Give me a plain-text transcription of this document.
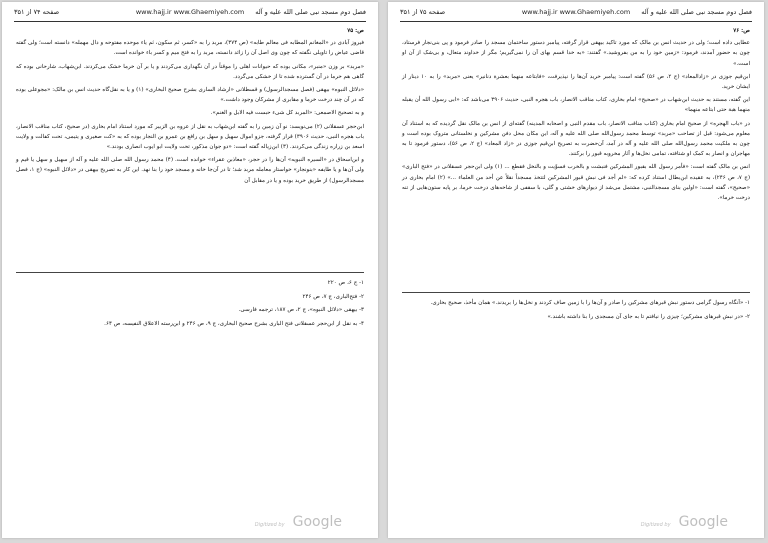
فصل دوم مسجد نبی صلی الله علیه و آله
www.hajj.ir www.Ghaemiyeh.com
صفحه ۷۴ از ۳۵۱
ص: ۷۵

فیروز آبادی در «المغانم المطابه فی معالم طابه» (ص ۳۷۴)، مربد را به «کسر، ثم سکون، ثم یاء موحده مفتوحه و دال مهمله» دانسته است؛ ولی گفته قاضی عیاض را تاویلی نگفته که چون وی اصل آن را زائد دانسته، مربد را به فتح میم و کسر باء خوانده است.

«مربد» بر وزن «منبر»، مکانی بوده که حیوانات اهلی را موقتاً در آن نگهداری می‌کردند و یا بر آن خرما خشک می‌کردند. ابن‌شهاب، شارحانی بوده که گاهی هم خرما در آن گسترده شده تا از خشکی می‌گردد.

«دلائل النبوه» بیهقی (فصل مسجدالرسول) و قسطلانی «ارشاد الساری بشرح صحیح البخاری» (۱) و یا به نقل‌گاه حدیث انس بن مالک: «مجوعلی بوده که در آن چند درخت خرما و مقابری از مشرکان وجود داشت.»

و به تصحیح الاصمعی: «المربد کل شیء حبست فیه الابل و الغنم».

ابن‌حجر عسقلانی (۲) می‌نویسد: نو آن زمین را به گفته ابن‌شهاب به نقل از عروه بن الزبیر که مورد استناد امام بخاری (در صحیح، کتاب مناقب الانصار، باب هجره النبی، حدیث ۳۹۰۶) قرار گرفته، جزو اموال سهیل و سهل بن رافع بن عمرو بن النجار بوده که به «کت صغیری و یتیمی، تحت کفالت و ولایت اسعد بن زراره زندگی می‌کردند. (۳) ابن‌زیاله گفته است: «دو جوان مذکور، تحت ولایت ابو ایوب انصاری بودند.»

و ابن‌اسحاق در «السیره النبویه» آن‌ها را در حجر، «معاذبن عفراء» خوانده است. (۴) محمد رسول الله صلی الله علیه و آله از سهیل و سهل یا قیم و ولی آن‌ها و یا طایفه «بنونجار» خواستار معامله مربد شد؛ تا در آن‌جا خانه و مسجد خود را بنا نهد. این کار به تصریح بیهقی در «دلائل النبوه» (ج ۱، فصل مسجدالرسول) از طریق خرید بوده و یا در مقابل آن

۱- ج ۶، ص ۲۲۰

۲- فتح‌الباری، ج ۷، ص ۲۴۶

۳- بیهقی «دلائل النبوه»، ج ۲، ص ۱۸۷، ترجمه فارسی.

۴- به نقل از ابن‌حجر عسقلانی فتح الباری بشرح صحیح البخاری، ج ۹، ص ۲۴۶ و ابن‌رسته الاعلاق النفیسه، ص ۶۴.

Digitized by Google
فصل دوم مسجد نبی صلی الله علیه و آله
www.hajj.ir www.Ghaemiyeh.com
صفحه ۷۵ از ۳۵۱
ص: ۷۶

عطایی داده است؛ ولی در حدیث انس بن مالک که مورد تاکید بیهقی قرار گرفته، پیامبر دستور ساختمان مسجد را صادر فرمود و پی بنی‌نجار فرستاد، چون به حضور آمدند، فرمود: «زمین خود را به من بفروشید.» گفتند: «به خدا قسم بهای آن را نمی‌گیریم؛ مگر از خداوند متعال، و بی‌شک از آن او است.»

ابن‌قیم جوزی در «زادالمعاد» (ج ۲، ص ۵۶) گفته است: پیامبر خرید آن‌ها را نپذیرفت، «فابتاعه منهما بعشرة دنانیر» یعنی «مربد» را به ۱۰ دینار از ایشان خرید.

این گفته، مستند به حدیث ابن‌شهاب در «صحیح» امام بخاری، کتاب مناقب الانصار، باب هجره النبی، حدیث ۳۹۰۶ می‌باشد که: «ابی رسول الله أن یقبله منهما هبة حتی ابتاعه منهما»

در «باب الهجره» از صحیح امام بخاری (کتاب مناقب الانصار، باب مقدم النبی و اصحابه المدینه) گفته‌ای از انس بن مالک نقل گردیده که به استناد آن معلوم می‌شود: قبل از تصاحب «مربد» توسط محمد رسول‌الله صلی الله علیه و آله، این مکان محل دفن مشرکین و نخلستانی متروک بوده است و چون به ملکیت محمد رسول‌الله صلی الله علیه و آله در آمد، آن‌حضرت به تصریح ابن‌قیم جوزی در «زاد المعاد» (ج ۲، ص ۵۶)، دستور فرمود تا به مهاجران و انصار به کمک او شتافته، تمامی نخل‌ها و آثار مخروبه قبور را برکنند.

انس بن مالک گفته است: «فأمر رسول الله بقبور المشرکین فنبشت و بالخرب فسوّیت و بالنخل فقطع ... (۱) ولی ابن‌حجر عسقلانی در «فتح الباری» (ج ۷، ص ۲۴۶)، به عقیده ابن‌بطال استناد کرده که: «لم أجد فی نبش قبور المشرکین لتتخذ مسجداً نقلاً عن أحد من العلماء ...» (۲) امام بخاری در «صحیح»، گفته است: «اولین بنای مسجدالنبی، مشتمل می‌شد از دیوارهای خشتی و گلی، با سقفی از شاخه‌های درخت خرما، بر پایه ستون‌هایی از تنه درخت خرما».

۱- «آنگاه رسول گرامی دستور نبش قبرهای مشرکین را صادر و آن‌ها را با زمین صاف کردند و نخل‌ها را بریدند.» همان مأخذ، صحیح بخاری.

۲- «در نبش قبرهای مشرکین؛ چیزی را نیافتم تا به جای آن مسجدی را بنا داشته باشند.»

Digitized by Google
